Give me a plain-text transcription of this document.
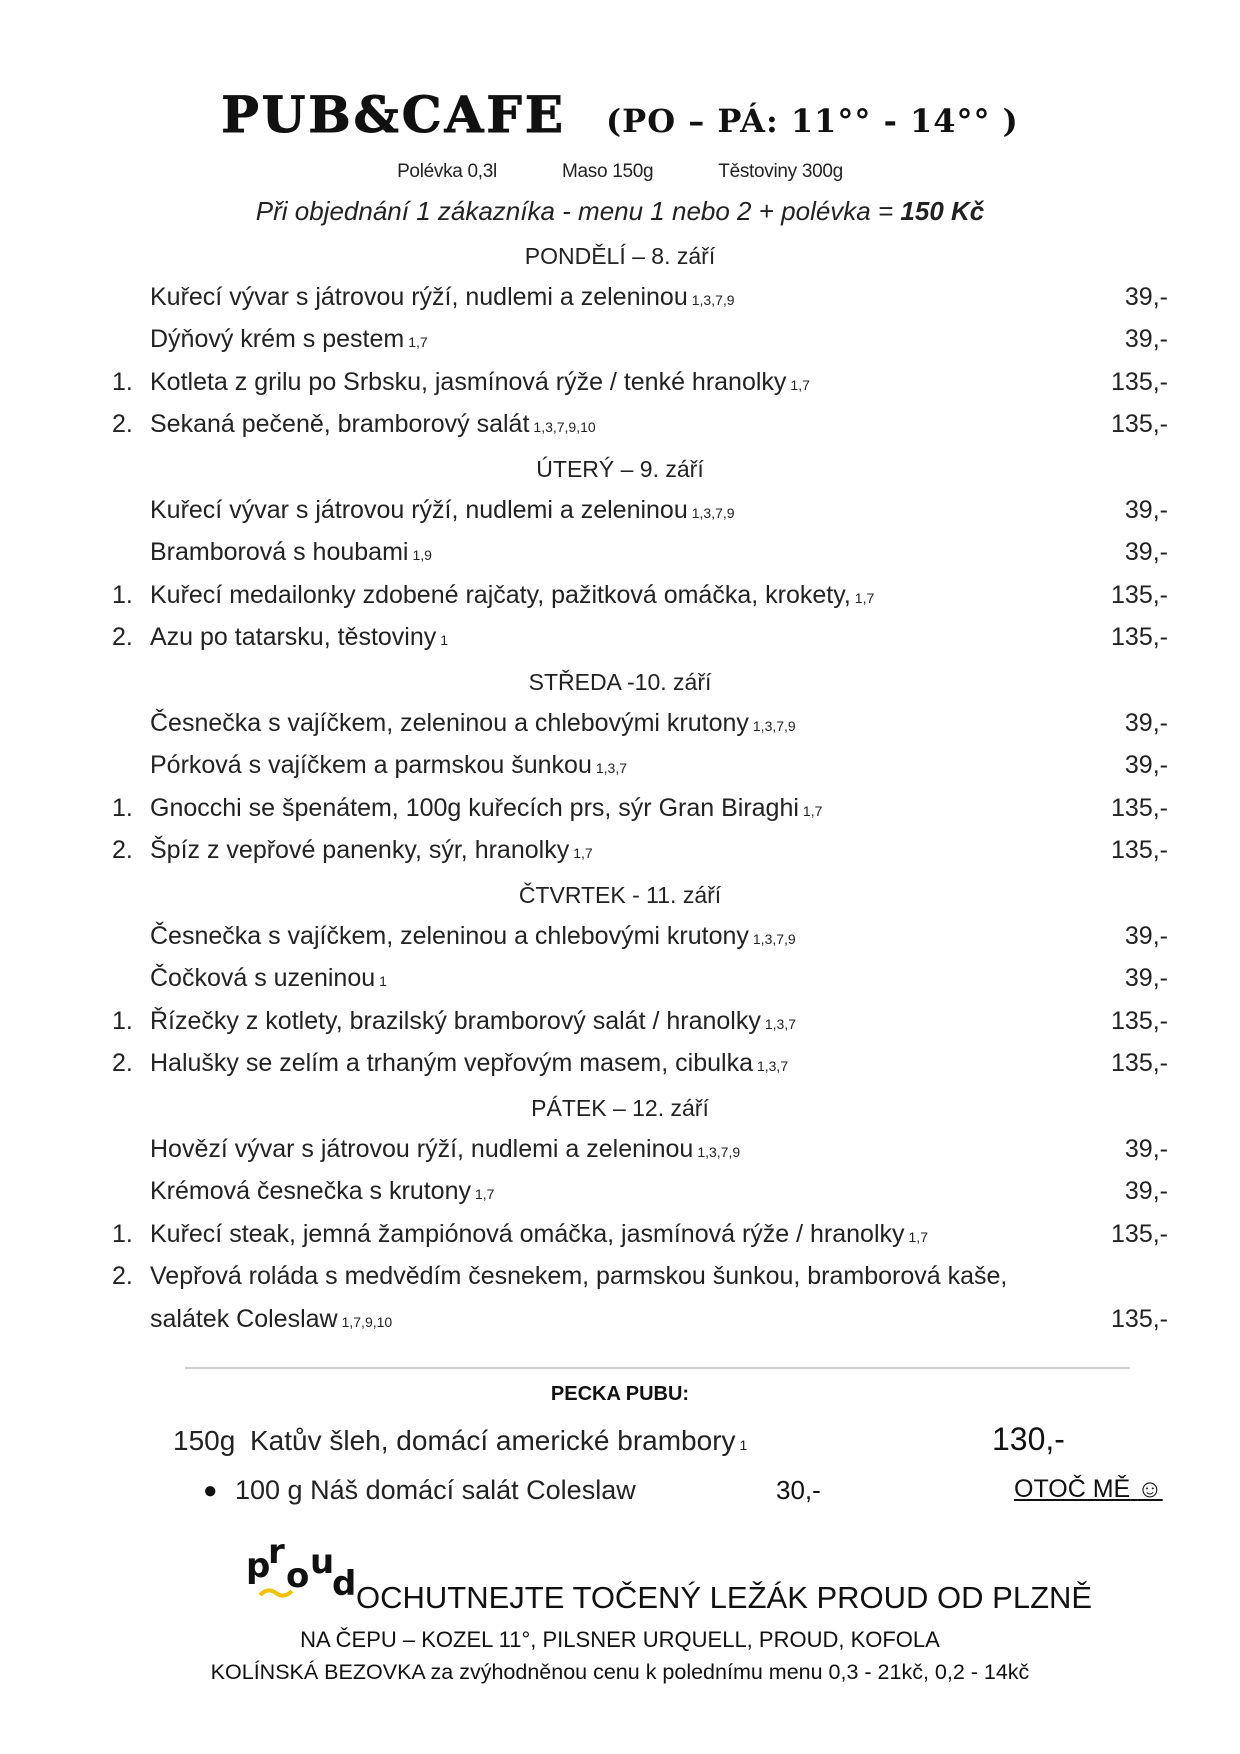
PUB&CAFE (PO – PÁ: 11°° - 14°° )
Polévka 0,3l	Maso 150g	Těstoviny 300g
Při objednání 1 zákazníka - menu 1 nebo 2 + polévka = 150 Kč
PONDĚLÍ – 8. září
Kuřecí vývar s játrovou rýží, nudlemi a zeleninou 1,3,7,9	39,-
Dýňový krém s pestem 1,7	39,-
1. Kotleta z grilu po Srbsku, jasmínová rýže / tenké hranolky 1,7	135,-
2. Sekaná pečeně, bramborový salát 1,3,7,9,10	135,-
ÚTERÝ – 9. září
Kuřecí vývar s játrovou rýží, nudlemi a zeleninou 1,3,7,9	39,-
Bramborová s houbami 1,9	39,-
1. Kuřecí medailonky zdobené rajčaty, pažitková omáčka, krokety, 1,7	135,-
2. Azu po tatarsku, těstoviny 1	135,-
STŘEDA -10. září
Česnečka s vajíčkem, zeleninou a chlebovými krutony 1,3,7,9	39,-
Pórková s vajíčkem a parmskou šunkou 1,3,7	39,-
1. Gnocchi se špenátem, 100g kuřecích prs, sýr Gran Biraghi 1,7	135,-
2. Špíz z vepřové panenky, sýr, hranolky 1,7	135,-
ČTVRTEK - 11. září
Česnečka s vajíčkem, zeleninou a chlebovými krutony 1,3,7,9	39,-
Čočková s uzeninou 1	39,-
1. Řízečky z kotlety, brazilský bramborový salát / hranolky 1,3,7	135,-
2. Halušky se zelím a trhaným vepřovým masem, cibulka 1,3,7	135,-
PÁTEK – 12. září
Hovězí vývar s játrovou rýží, nudlemi a zeleninou 1,3,7,9	39,-
Krémová česnečka s krutony 1,7	39,-
1. Kuřecí steak, jemná žampiónová omáčka, jasmínová rýže / hranolky 1,7	135,-
2. Vepřová roláda s medvědím česnekem, parmskou šunkou, bramborová kaše,
salátek Coleslaw 1,7,9,10	135,-
PECKA PUBU:
150g Katův šleh, domácí americké brambory 1	130,-
● 100 g Náš domácí salát Coleslaw	30,-	OTOČ MĚ ☺
p
r
o u
d OCHUTNEJTE TOČENÝ LEŽÁK PROUD OD PLZNĚ
NA ČEPU – KOZEL 11°, PILSNER URQUELL, PROUD, KOFOLA
KOLÍNSKÁ BEZOVKA za zvýhodněnou cenu k polednímu menu 0,3 - 21kč, 0,2 - 14kč
